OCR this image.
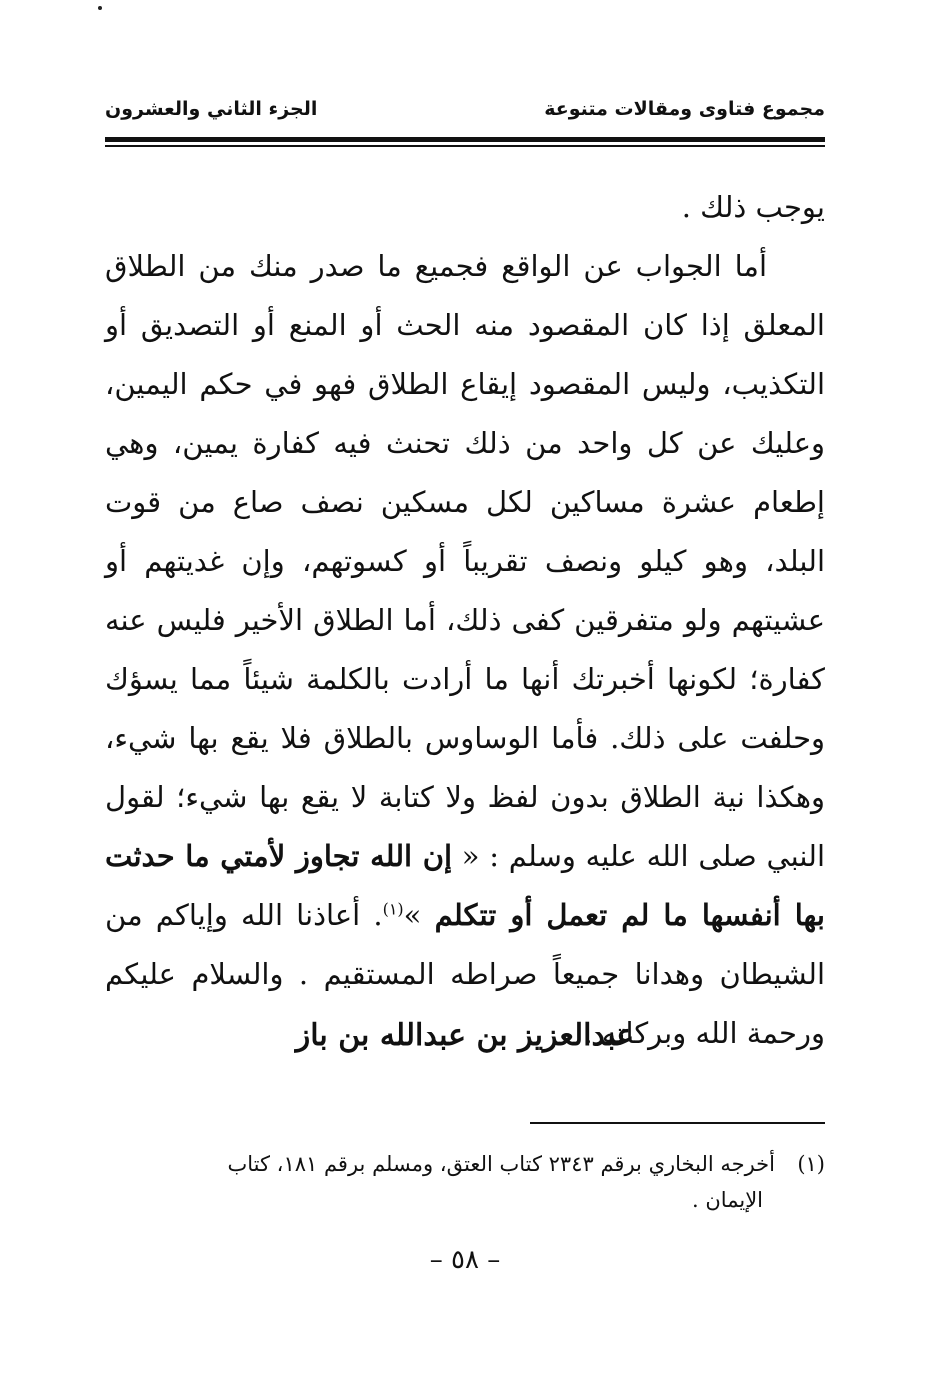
مجموع فتاوى ومقالات متنوعة
الجزء الثاني والعشرون

يوجب ذلك .

أما الجواب عن الواقع فجميع ما صدر منك من الطلاق المعلق إذا كان المقصود منه الحث أو المنع أو التصديق أو التكذيب، وليس المقصود إيقاع الطلاق فهو في حكم اليمين، وعليك عن كل واحد من ذلك تحنث فيه كفارة يمين، وهي إطعام عشرة مساكين لكل مسكين نصف صاع من قوت البلد، وهو كيلو ونصف تقريباً أو كسوتهم، وإن غديتهم أو عشيتهم ولو متفرقين كفى ذلك، أما الطلاق الأخير فليس عنه كفارة؛ لكونها أخبرتك أنها ما أرادت بالكلمة شيئاً مما يسؤك وحلفت على ذلك. فأما الوساوس بالطلاق فلا يقع بها شيء، وهكذا نية الطلاق بدون لفظ ولا كتابة لا يقع بها شيء؛ لقول النبي صلى الله عليه وسلم : « إن الله تجاوز لأمتي ما حدثت بها أنفسها ما لم تعمل أو تتكلم »$^{(١)}$. أعاذنا الله وإياكم من الشيطان وهدانا جميعاً صراطه المستقيم . والسلام عليكم ورحمة الله وبركاته .

عبدالعزيز بن عبدالله بن باز
(١)أخرجه البخاري برقم ٢٣٤٣ كتاب العتق، ومسلم برقم ١٨١، كتاب
الإيمان .
– ٥٨ –
